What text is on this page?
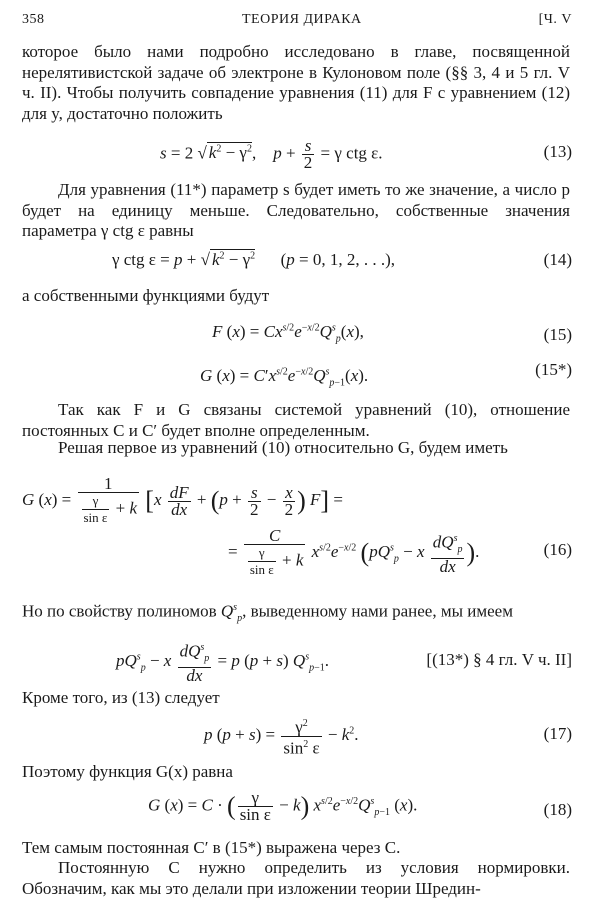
358	ТЕОРИЯ ДИРАКА	[Ч. V
которое было нами подробно исследовано в главе, посвященной нерелятивистской задаче об электроне в Кулоновом поле (§§ 3, 4 и 5 гл. V ч. II). Чтобы получить совпадение уравнения (11) для F с уравнением (12) для y, достаточно положить
s = 2 √ $k^2 - \gamma^2$,    $p + \frac{s}{2} = \gamma$ ctg ε.	(13)
Для уравнения (11*) параметр s будет иметь то же значение, а число p будет на единицу меньше. Следовательно, собственные значения параметра γ ctg ε равны
γ ctg ε = p + √ $k^2 - \gamma^2$      (p = 0, 1, 2, . . .),	(14)
а собственными функциями будут
F $(x) = Cx^{s/2}e^{-x/2}Q^s_p(x)$,	(15)
G $(x) = C'x^{s/2}e^{-x/2}Q^s_{p-1}(x)$.	(15*)
Так как F и G связаны системой уравнений (10), отношение постоянных C и C′ будет вполне определенным.
Решая первое из уравнений (10) относительно G, будем иметь
G $(x) = \frac{1}{\frac{\gamma}{\text{sin ε}} + k} [x \frac{dF}{dx} + (p + \frac{s}{2} - \frac{x}{2}$ ) F] =
= $\frac{C}{\frac{\gamma}{\text{sin ε}} + k} x^{s/2}e^{-x/2}$ ($pQ^s_p - x \frac{dQ^s_p}{dx}$ ).	(16)
Но по свойству полиномов $Q^s_p$, выведенному нами ранее, мы имеем
$pQ^s_p - x \frac{dQ^s_p}{dx} = p$ (p + s) $Q^s_{p-1}$.	[(13*) § 4 гл. V ч. II]
Кроме того, из (13) следует
p $(p + s) = \frac{\gamma^2}{\sin^2 \varepsilon} - k^2$.	(17)
Поэтому функция G(x) равна
G (x) = C · ( $\frac{\gamma}{\text{sin ε}} - k$) $x^{s/2}e^{-x/2}Q^s_{p-1}$ (x).	(18)
Тем самым постоянная C′ в (15*) выражена через C.
Постоянную C нужно определить из условия нормировки. Обозначим, как мы это делали при изложении теории Шредин-
